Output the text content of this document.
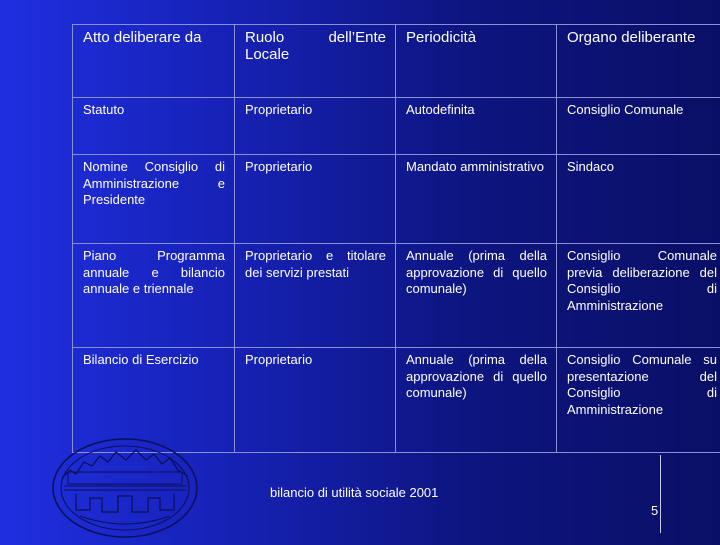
Atto deliberare da	Ruolo dell’Ente Locale	Periodicità	Organo deliberante
Statuto	Proprietario	Autodefinita	Consiglio Comunale
Nomine Consiglio di Amministrazione e Presidente	Proprietario	Mandato amministrativo	Sindaco
Piano Programma annuale e bilancio annuale e triennale	Proprietario e titolare dei servizi prestati	Annuale (prima della approvazione di quello comunale)	Consiglio Comunale previa deliberazione del Consiglio di Amministrazione
Bilancio di Esercizio	Proprietario	Annuale (prima della approvazione di quello comunale)	Consiglio Comunale su presentazione del Consiglio di Amministrazione
bilancio di utilità sociale 2001
5
